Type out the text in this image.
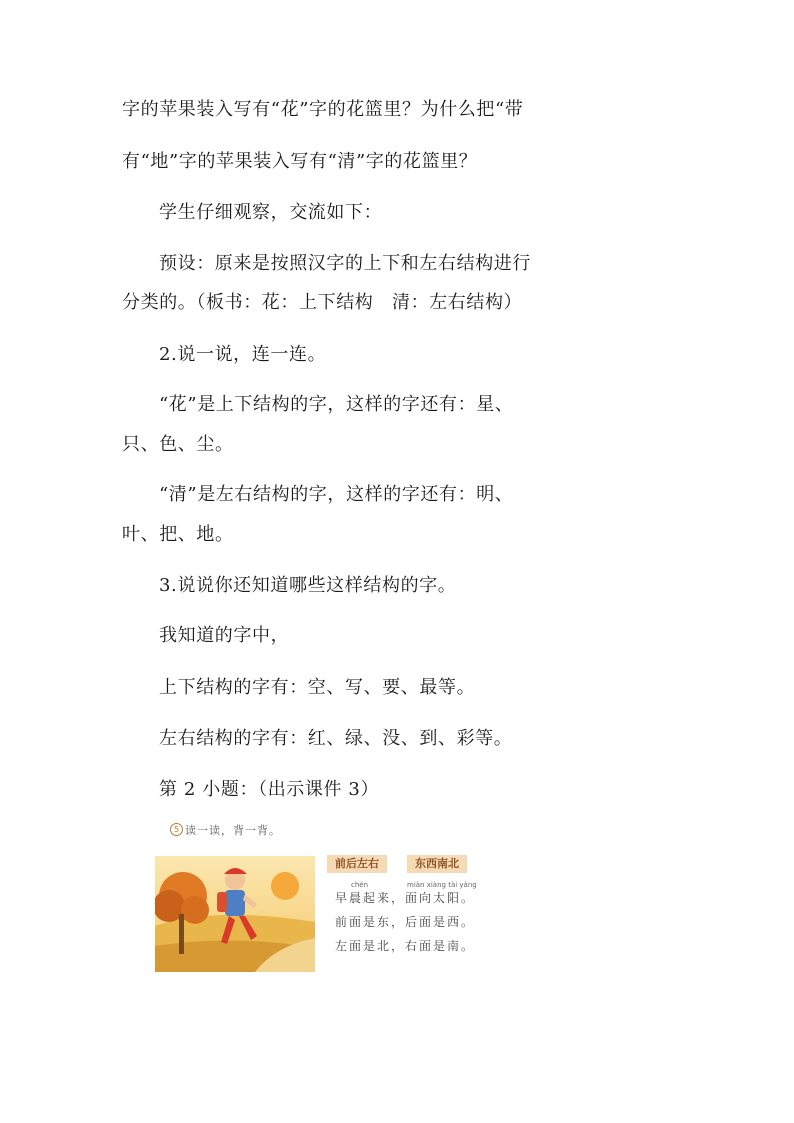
字的苹果装入写有“花”字的花篮里？为什么把“带
有“地”字的苹果装入写有“清”字的花篮里？
学生仔细观察，交流如下：
预设：原来是按照汉字的上下和左右结构进行
分类的。（板书：花：上下结构　清：左右结构）
2.说一说，连一连。
“花”是上下结构的字，这样的字还有：星、
只、色、尘。
“清”是左右结构的字，这样的字还有：明、
叶、把、地。
3.说说你还知道哪些这样结构的字。
我知道的字中，
上下结构的字有：空、写、要、最等。
左右结构的字有：红、绿、没、到、彩等。
第 2 小题：（出示课件 3）
5 读一读，背一背。
前后左右	东西南北
chén	miàn xiàng tài yáng
早晨起来，面向太阳。
前面是东，后面是西。
左面是北，右面是南。
